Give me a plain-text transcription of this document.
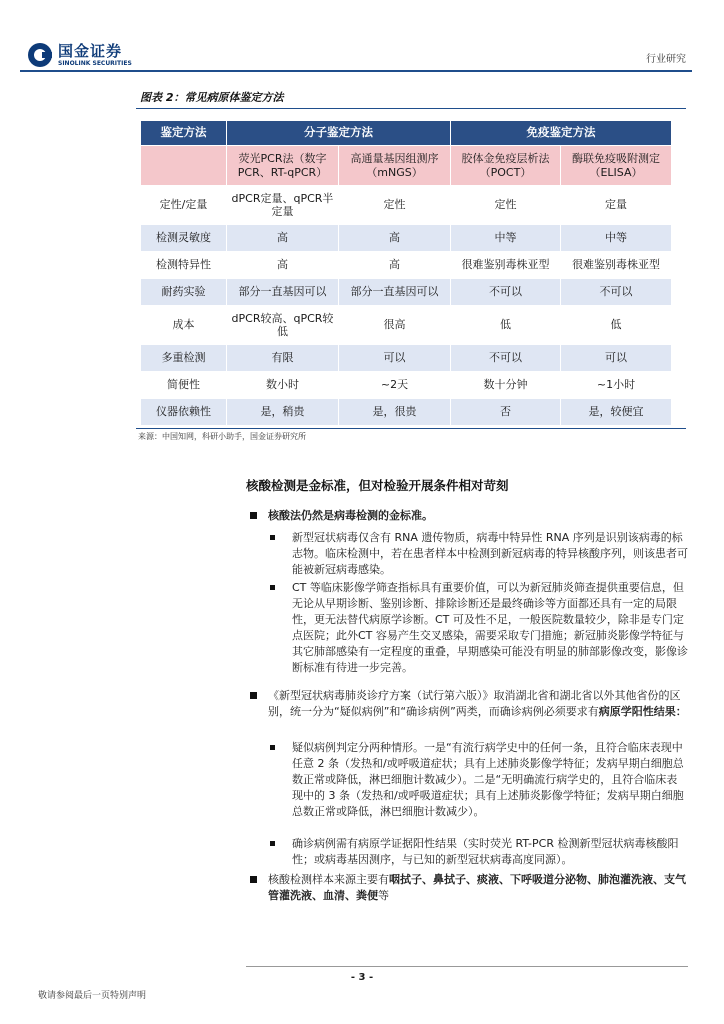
国金证券
SINOLINK SECURITIES	行业研究
图表 2：常见病原体鉴定方法
鉴定方法	分子鉴定方法		免疫鉴定方法	
	荧光PCR法（数字PCR、RT-qPCR）	高通量基因组测序（mNGS）	胶体金免疫层析法（POCT）	酶联免疫吸附测定（ELISA）
定性/定量	dPCR定量、qPCR半定量	定性	定性	定量
检测灵敏度	高	高	中等	中等
检测特异性	高	高	很难鉴别毒株亚型	很难鉴别毒株亚型
耐药实验	部分一直基因可以	部分一直基因可以	不可以	不可以
成本	dPCR较高、qPCR较低	很高	低	低
多重检测	有限	可以	不可以	可以
简便性	数小时	~2天	数十分钟	~1小时
仪器依赖性	是，稍贵	是，很贵	否	是，较便宜
来源：中国知网，科研小助手，国金证券研究所
核酸检测是金标准，但对检验开展条件相对苛刻
核酸法仍然是病毒检测的金标准。
新型冠状病毒仅含有 RNA 遗传物质，病毒中特异性 RNA 序列是识别该病毒的标志物。临床检测中，若在患者样本中检测到新冠病毒的特异核酸序列，则该患者可能被新冠病毒感染。
CT 等临床影像学筛查指标具有重要价值，可以为新冠肺炎筛查提供重要信息，但无论从早期诊断、鉴别诊断、排除诊断还是最终确诊等方面都还具有一定的局限性，更无法替代病原学诊断。CT 可及性不足，一般医院数量较少，除非是专门定点医院；此外CT 容易产生交叉感染，需要采取专门措施；新冠肺炎影像学特征与其它肺部感染有一定程度的重叠，早期感染可能没有明显的肺部影像改变，影像诊断标准有待进一步完善。
《新型冠状病毒肺炎诊疗方案（试行第六版）》取消湖北省和湖北省以外其他省份的区别，统一分为“疑似病例”和“确诊病例”两类，而确诊病例必须要求有病原学阳性结果：
疑似病例判定分两种情形。一是“有流行病学史中的任何一条，且符合临床表现中任意 2 条（发热和/或呼吸道症状；具有上述肺炎影像学特征；发病早期白细胞总数正常或降低，淋巴细胞计数减少）。二是“无明确流行病学史的，且符合临床表现中的 3 条（发热和/或呼吸道症状；具有上述肺炎影像学特征；发病早期白细胞总数正常或降低，淋巴细胞计数减少）。
确诊病例需有病原学证据阳性结果（实时荧光 RT-PCR 检测新型冠状病毒核酸阳性；或病毒基因测序，与已知的新型冠状病毒高度同源）。
核酸检测样本来源主要有咽拭子、鼻拭子、痰液、下呼吸道分泌物、肺泡灌洗液、支气管灌洗液、血清、粪便等
- 3 -
敬请参阅最后一页特别声明
